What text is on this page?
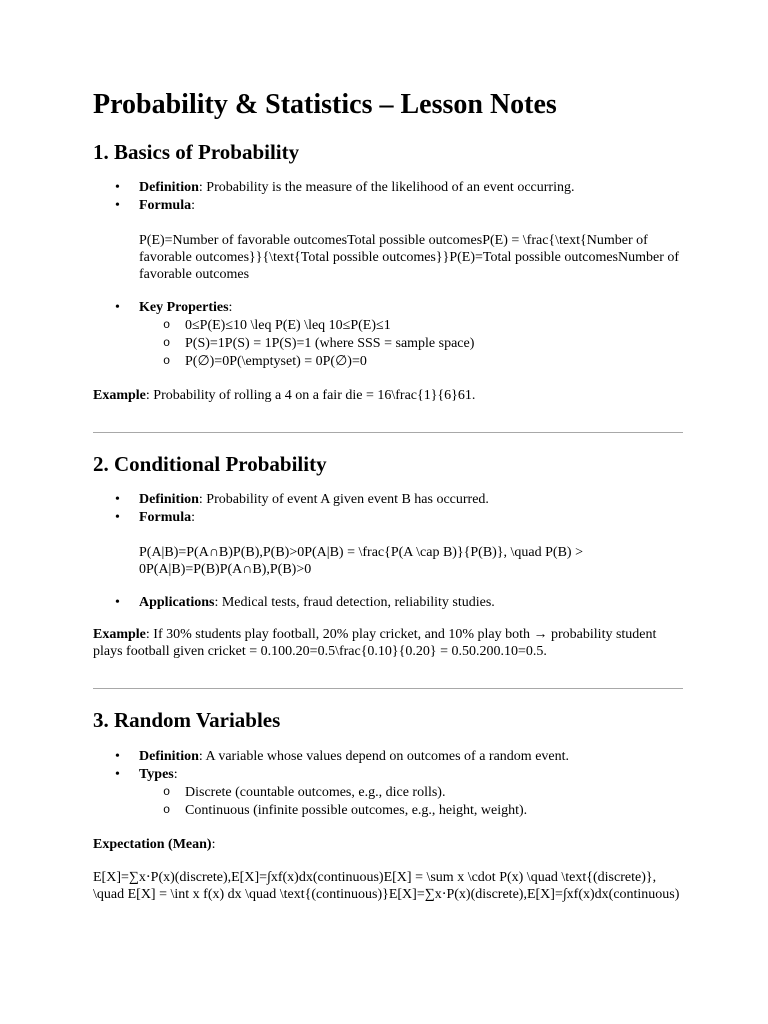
Probability & Statistics – Lesson Notes
1. Basics of Probability
• Definition: Probability is the measure of the likelihood of an event occurring.
• Formula:

P(E)=Number of favorable outcomesTotal possible outcomesP(E) = \frac{\text{Number of favorable outcomes}}{\text{Total possible outcomes}}P(E)=Total possible outcomesNumber of favorable outcomes

• Key Properties:
o 0≤P(E)≤10 \leq P(E) \leq 10≤P(E)≤1
o P(S)=1P(S) = 1P(S)=1 (where SSS = sample space)
o P(∅)=0P(\emptyset) = 0P(∅)=0

Example: Probability of rolling a 4 on a fair die = 16\frac{1}{6}61.

2. Conditional Probability
• Definition: Probability of event A given event B has occurred.
• Formula:

P(A|B)=P(A∩B)P(B),P(B)>0P(A|B) = \frac{P(A \cap B)}{P(B)}, \quad P(B) > 0P(A|B)=P(B)P(A∩B),P(B)>0

• Applications: Medical tests, fraud detection, reliability studies.

Example: If 30% students play football, 20% play cricket, and 10% play both → probability student plays football given cricket = 0.100.20=0.5\frac{0.10}{0.20} = 0.50.200.10=0.5.

3. Random Variables
• Definition: A variable whose values depend on outcomes of a random event.
• Types:
o Discrete (countable outcomes, e.g., dice rolls).
o Continuous (infinite possible outcomes, e.g., height, weight).

Expectation (Mean):

E[X]=∑x⋅P(x)(discrete),E[X]=∫xf(x)dx(continuous)E[X] = \sum x \cdot P(x) \quad \text{(discrete)}, \quad E[X] = \int x f(x) dx \quad \text{(continuous)}E[X]=∑x⋅P(x)(discrete),E[X]=∫xf(x)dx(continuous)
